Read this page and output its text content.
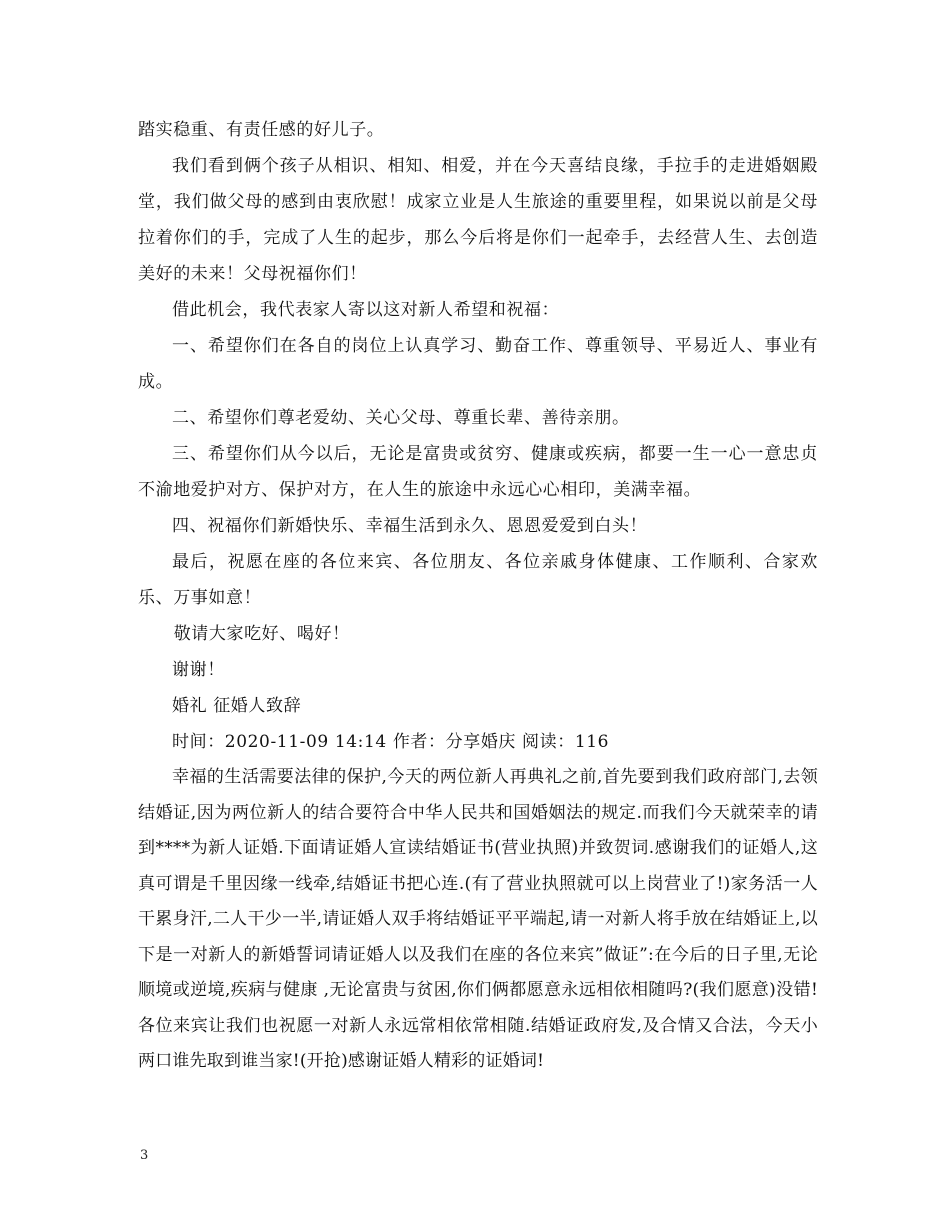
踏实稳重、有责任感的好儿子。

我们看到俩个孩子从相识、相知、相爱，并在今天喜结良缘，手拉手的走进婚姻殿堂，我们做父母的感到由衷欣慰！成家立业是人生旅途的重要里程，如果说以前是父母拉着你们的手，完成了人生的起步，那么今后将是你们一起牵手，去经营人生、去创造美好的未来！父母祝福你们！

借此机会，我代表家人寄以这对新人希望和祝福：

一、希望你们在各自的岗位上认真学习、勤奋工作、尊重领导、平易近人、事业有成。

二、希望你们尊老爱幼、关心父母、尊重长辈、善待亲朋。

三、希望你们从今以后，无论是富贵或贫穷、健康或疾病，都要一生一心一意忠贞不渝地爱护对方、保护对方，在人生的旅途中永远心心相印，美满幸福。

四、祝福你们新婚快乐、幸福生活到永久、恩恩爱爱到白头！

最后，祝愿在座的各位来宾、各位朋友、各位亲戚身体健康、工作顺利、合家欢乐、万事如意！

敬请大家吃好、喝好！

谢谢！

婚礼 征婚人致辞

时间：2020-11-09 14:14 作者：分享婚庆 阅读：116

幸福的生活需要法律的保护,今天的两位新人再典礼之前,首先要到我们政府部门,去领结婚证,因为两位新人的结合要符合中华人民共和国婚姻法的规定.而我们今天就荣幸的请到****为新人证婚.下面请证婚人宣读结婚证书(营业执照)并致贺词.感谢我们的证婚人,这真可谓是千里因缘一线牵,结婚证书把心连.(有了营业执照就可以上岗营业了!)家务活一人干累身汗,二人干少一半,请证婚人双手将结婚证平平端起,请一对新人将手放在结婚证上,以下是一对新人的新婚誓词请证婚人以及我们在座的各位来宾”做证”:在今后的日子里,无论顺境或逆境,疾病与健康 ,无论富贵与贫困,你们俩都愿意永远相依相随吗?(我们愿意)没错!各位来宾让我们也祝愿一对新人永远常相依常相随.结婚证政府发,及合情又合法，今天小两口谁先取到谁当家!(开抢)感谢证婚人精彩的证婚词!

3
